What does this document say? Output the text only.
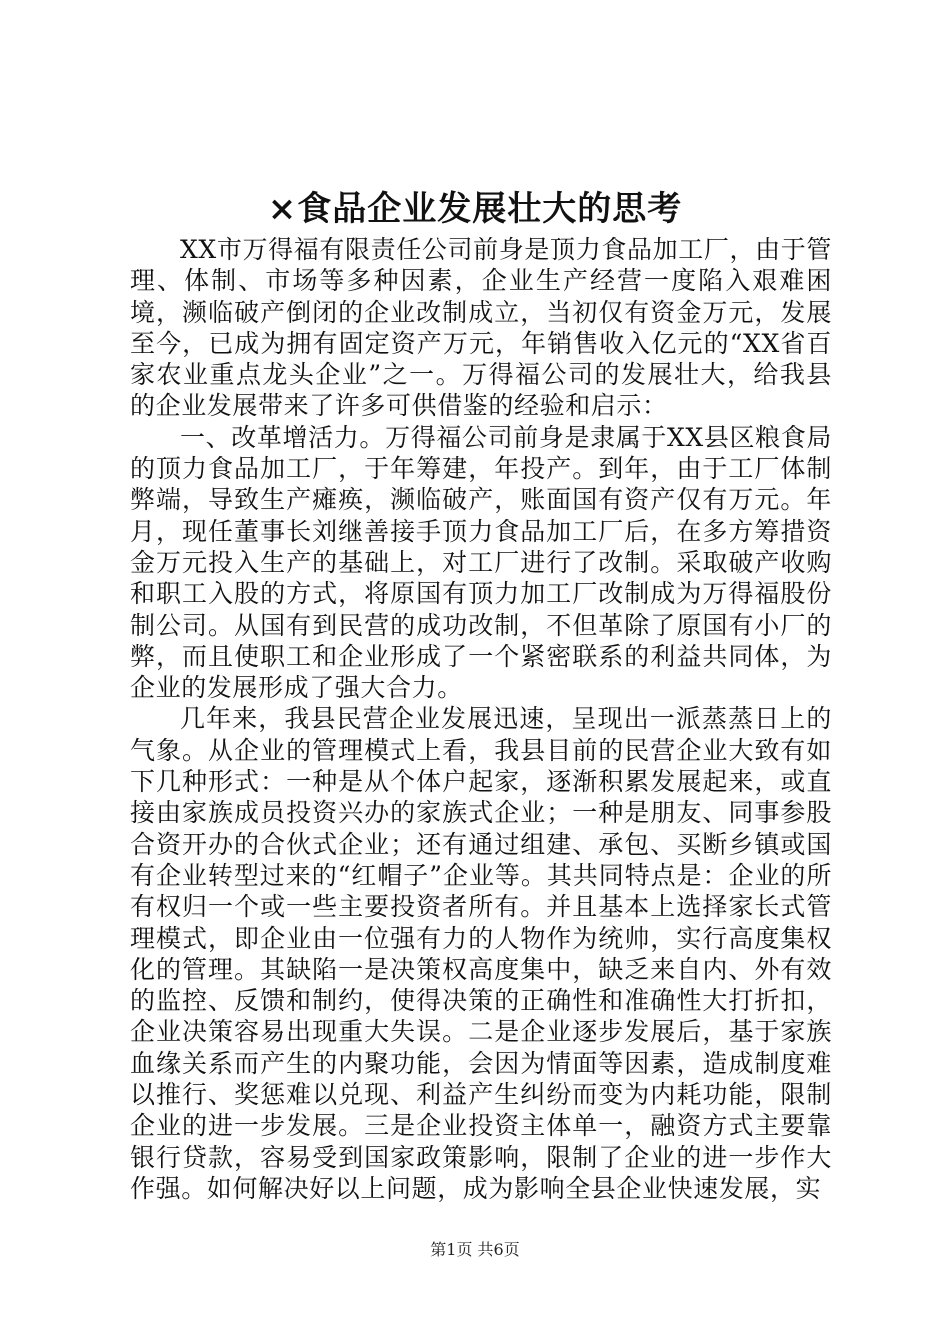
×食品企业发展壮大的思考

XX市万得福有限责任公司前身是顶力食品加工厂，由于管理、体制、市场等多种因素，企业生产经营一度陷入艰难困境，濒临破产倒闭的企业改制成立，当初仅有资金万元，发展至今，已成为拥有固定资产万元，年销售收入亿元的“XX省百家农业重点龙头企业”之一。万得福公司的发展壮大，给我县的企业发展带来了许多可供借鉴的经验和启示：

一、改革增活力。万得福公司前身是隶属于XX县区粮食局的顶力食品加工厂，于年筹建，年投产。到年，由于工厂体制弊端，导致生产瘫痪，濒临破产，账面国有资产仅有万元。年月，现任董事长刘继善接手顶力食品加工厂后，在多方筹措资金万元投入生产的基础上，对工厂进行了改制。采取破产收购和职工入股的方式，将原国有顶力加工厂改制成为万得福股份制公司。从国有到民营的成功改制，不但革除了原国有小厂的弊，而且使职工和企业形成了一个紧密联系的利益共同体，为企业的发展形成了强大合力。

几年来，我县民营企业发展迅速，呈现出一派蒸蒸日上的气象。从企业的管理模式上看，我县目前的民营企业大致有如下几种形式：一种是从个体户起家，逐渐积累发展起来，或直接由家族成员投资兴办的家族式企业；一种是朋友、同事参股合资开办的合伙式企业；还有通过组建、承包、买断乡镇或国有企业转型过来的“红帽子”企业等。其共同特点是：企业的所有权归一个或一些主要投资者所有。并且基本上选择家长式管理模式，即企业由一位强有力的人物作为统帅，实行高度集权化的管理。其缺陷一是决策权高度集中，缺乏来自内、外有效的监控、反馈和制约，使得决策的正确性和准确性大打折扣，企业决策容易出现重大失误。二是企业逐步发展后，基于家族血缘关系而产生的内聚功能，会因为情面等因素，造成制度难以推行、奖惩难以兑现、利益产生纠纷而变为内耗功能，限制企业的进一步发展。三是企业投资主体单一，融资方式主要靠银行贷款，容易受到国家政策影响，限制了企业的进一步作大作强。如何解决好以上问题，成为影响全县企业快速发展，实

第1页 共6页
